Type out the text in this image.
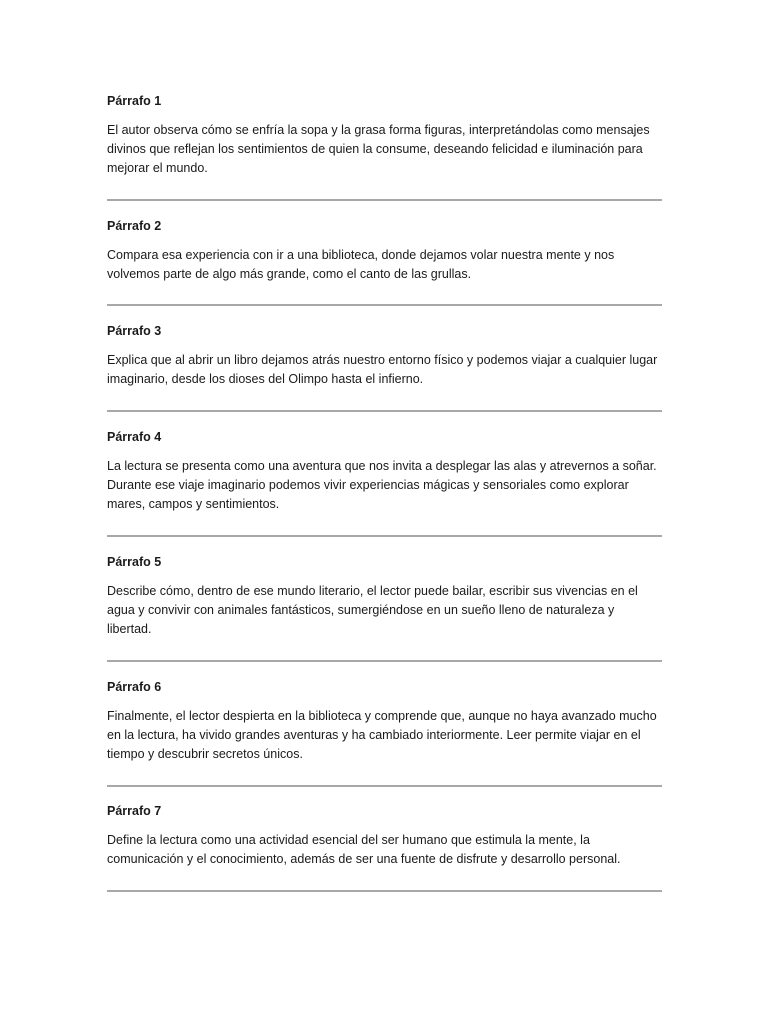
Párrafo 1

El autor observa cómo se enfría la sopa y la grasa forma figuras, interpretándolas como mensajes divinos que reflejan los sentimientos de quien la consume, deseando felicidad e iluminación para mejorar el mundo.

Párrafo 2

Compara esa experiencia con ir a una biblioteca, donde dejamos volar nuestra mente y nos volvemos parte de algo más grande, como el canto de las grullas.

Párrafo 3

Explica que al abrir un libro dejamos atrás nuestro entorno físico y podemos viajar a cualquier lugar imaginario, desde los dioses del Olimpo hasta el infierno.

Párrafo 4

La lectura se presenta como una aventura que nos invita a desplegar las alas y atrevernos a soñar. Durante ese viaje imaginario podemos vivir experiencias mágicas y sensoriales como explorar mares, campos y sentimientos.

Párrafo 5

Describe cómo, dentro de ese mundo literario, el lector puede bailar, escribir sus vivencias en el agua y convivir con animales fantásticos, sumergiéndose en un sueño lleno de naturaleza y libertad.

Párrafo 6

Finalmente, el lector despierta en la biblioteca y comprende que, aunque no haya avanzado mucho en la lectura, ha vivido grandes aventuras y ha cambiado interiormente. Leer permite viajar en el tiempo y descubrir secretos únicos.

Párrafo 7

Define la lectura como una actividad esencial del ser humano que estimula la mente, la comunicación y el conocimiento, además de ser una fuente de disfrute y desarrollo personal.
